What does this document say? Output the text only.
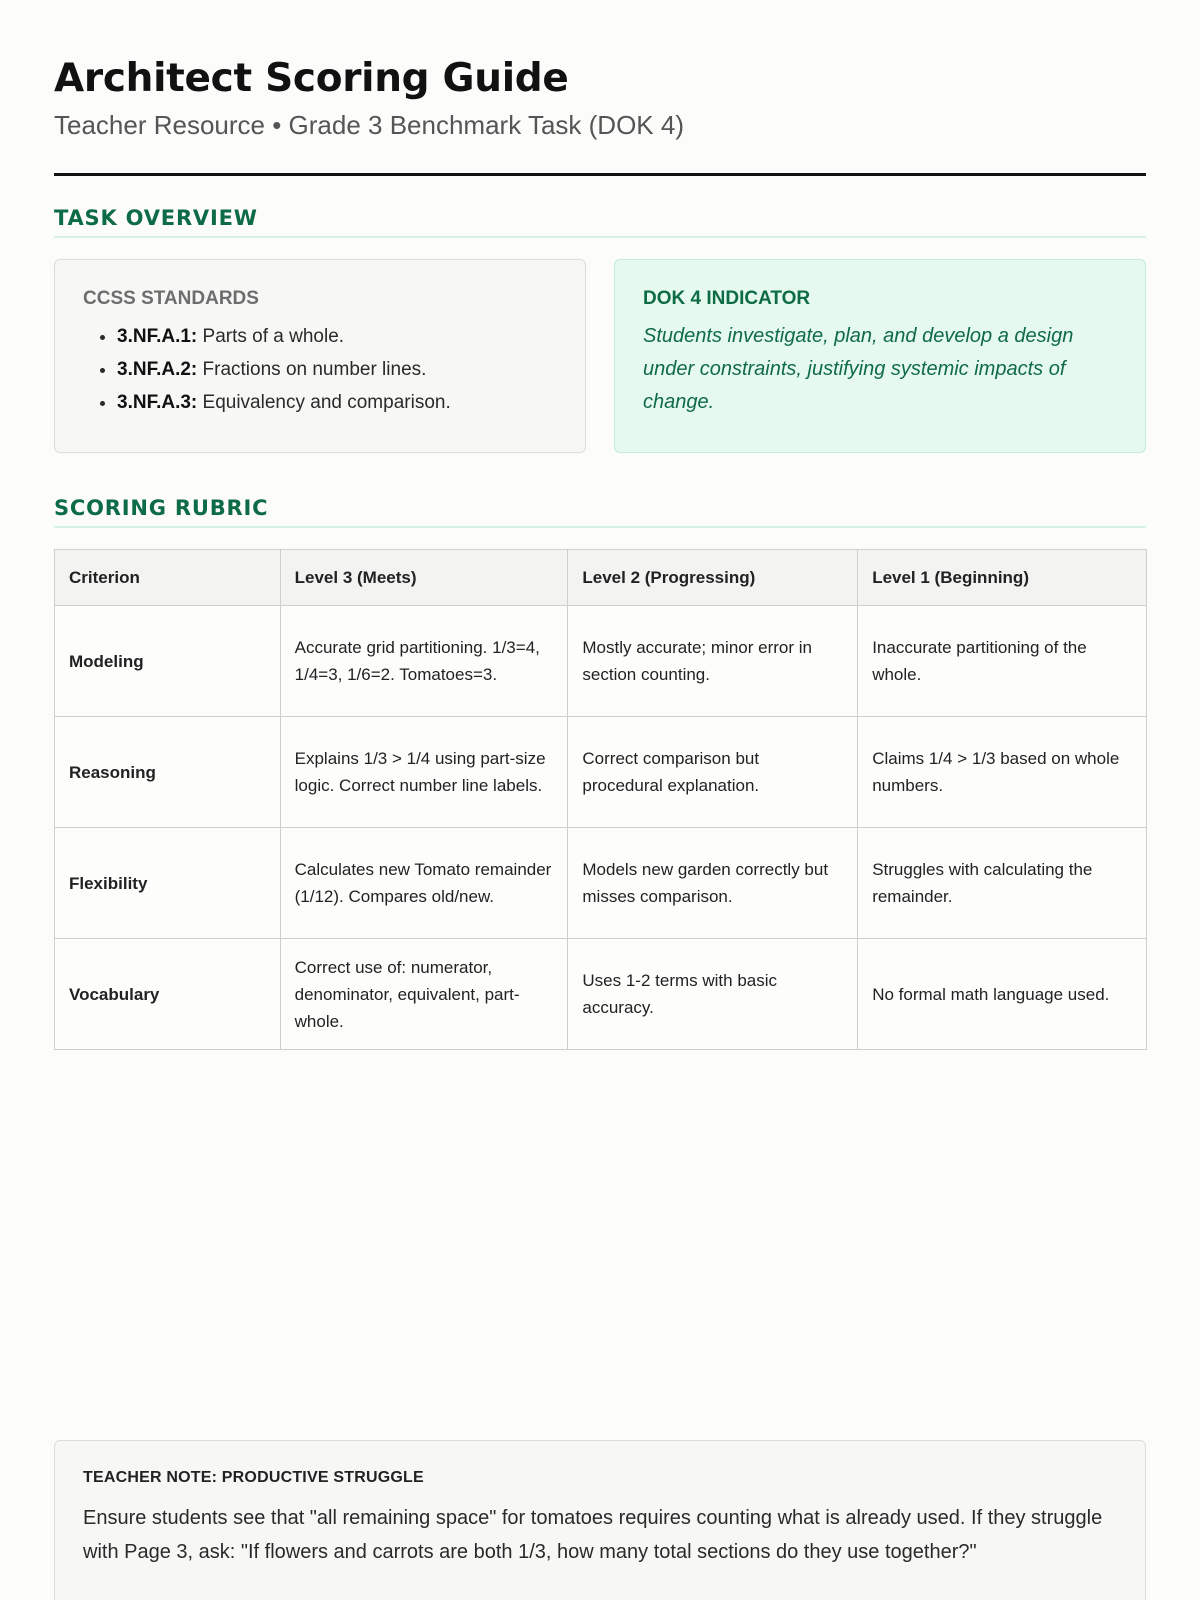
Architect Scoring Guide

Teacher Resource • Grade 3 Benchmark Task (DOK 4)

TASK OVERVIEW

CCSS STANDARDS

• 3.NF.A.1: Parts of a whole.
• 3.NF.A.2: Fractions on number lines.
• 3.NF.A.3: Equivalency and comparison.

DOK 4 INDICATOR

Students investigate, plan, and develop a design under constraints, justifying systemic impacts of change.

SCORING RUBRIC
Criterion	Level 3 (Meets)	Level 2 (Progressing)	Level 1 (Beginning)
Modeling	Accurate grid partitioning. 1/3=4, 1/4=3, 1/6=2. Tomatoes=3.	Mostly accurate; minor error in section counting.	Inaccurate partitioning of the whole.
Reasoning	Explains 1/3 > 1/4 using part-size logic. Correct number line labels.	Correct comparison but procedural explanation.	Claims 1/4 > 1/3 based on whole numbers.
Flexibility	Calculates new Tomato remainder (1/12). Compares old/new.	Models new garden correctly but misses comparison.	Struggles with calculating the remainder.
Vocabulary	Correct use of: numerator, denominator, equivalent, part-whole.	Uses 1-2 terms with basic accuracy.	No formal math language used.

TEACHER NOTE: PRODUCTIVE STRUGGLE

Ensure students see that "all remaining space" for tomatoes requires counting what is already used. If they struggle with Page 3, ask: "If flowers and carrots are both 1/3, how many total sections do they use together?"
